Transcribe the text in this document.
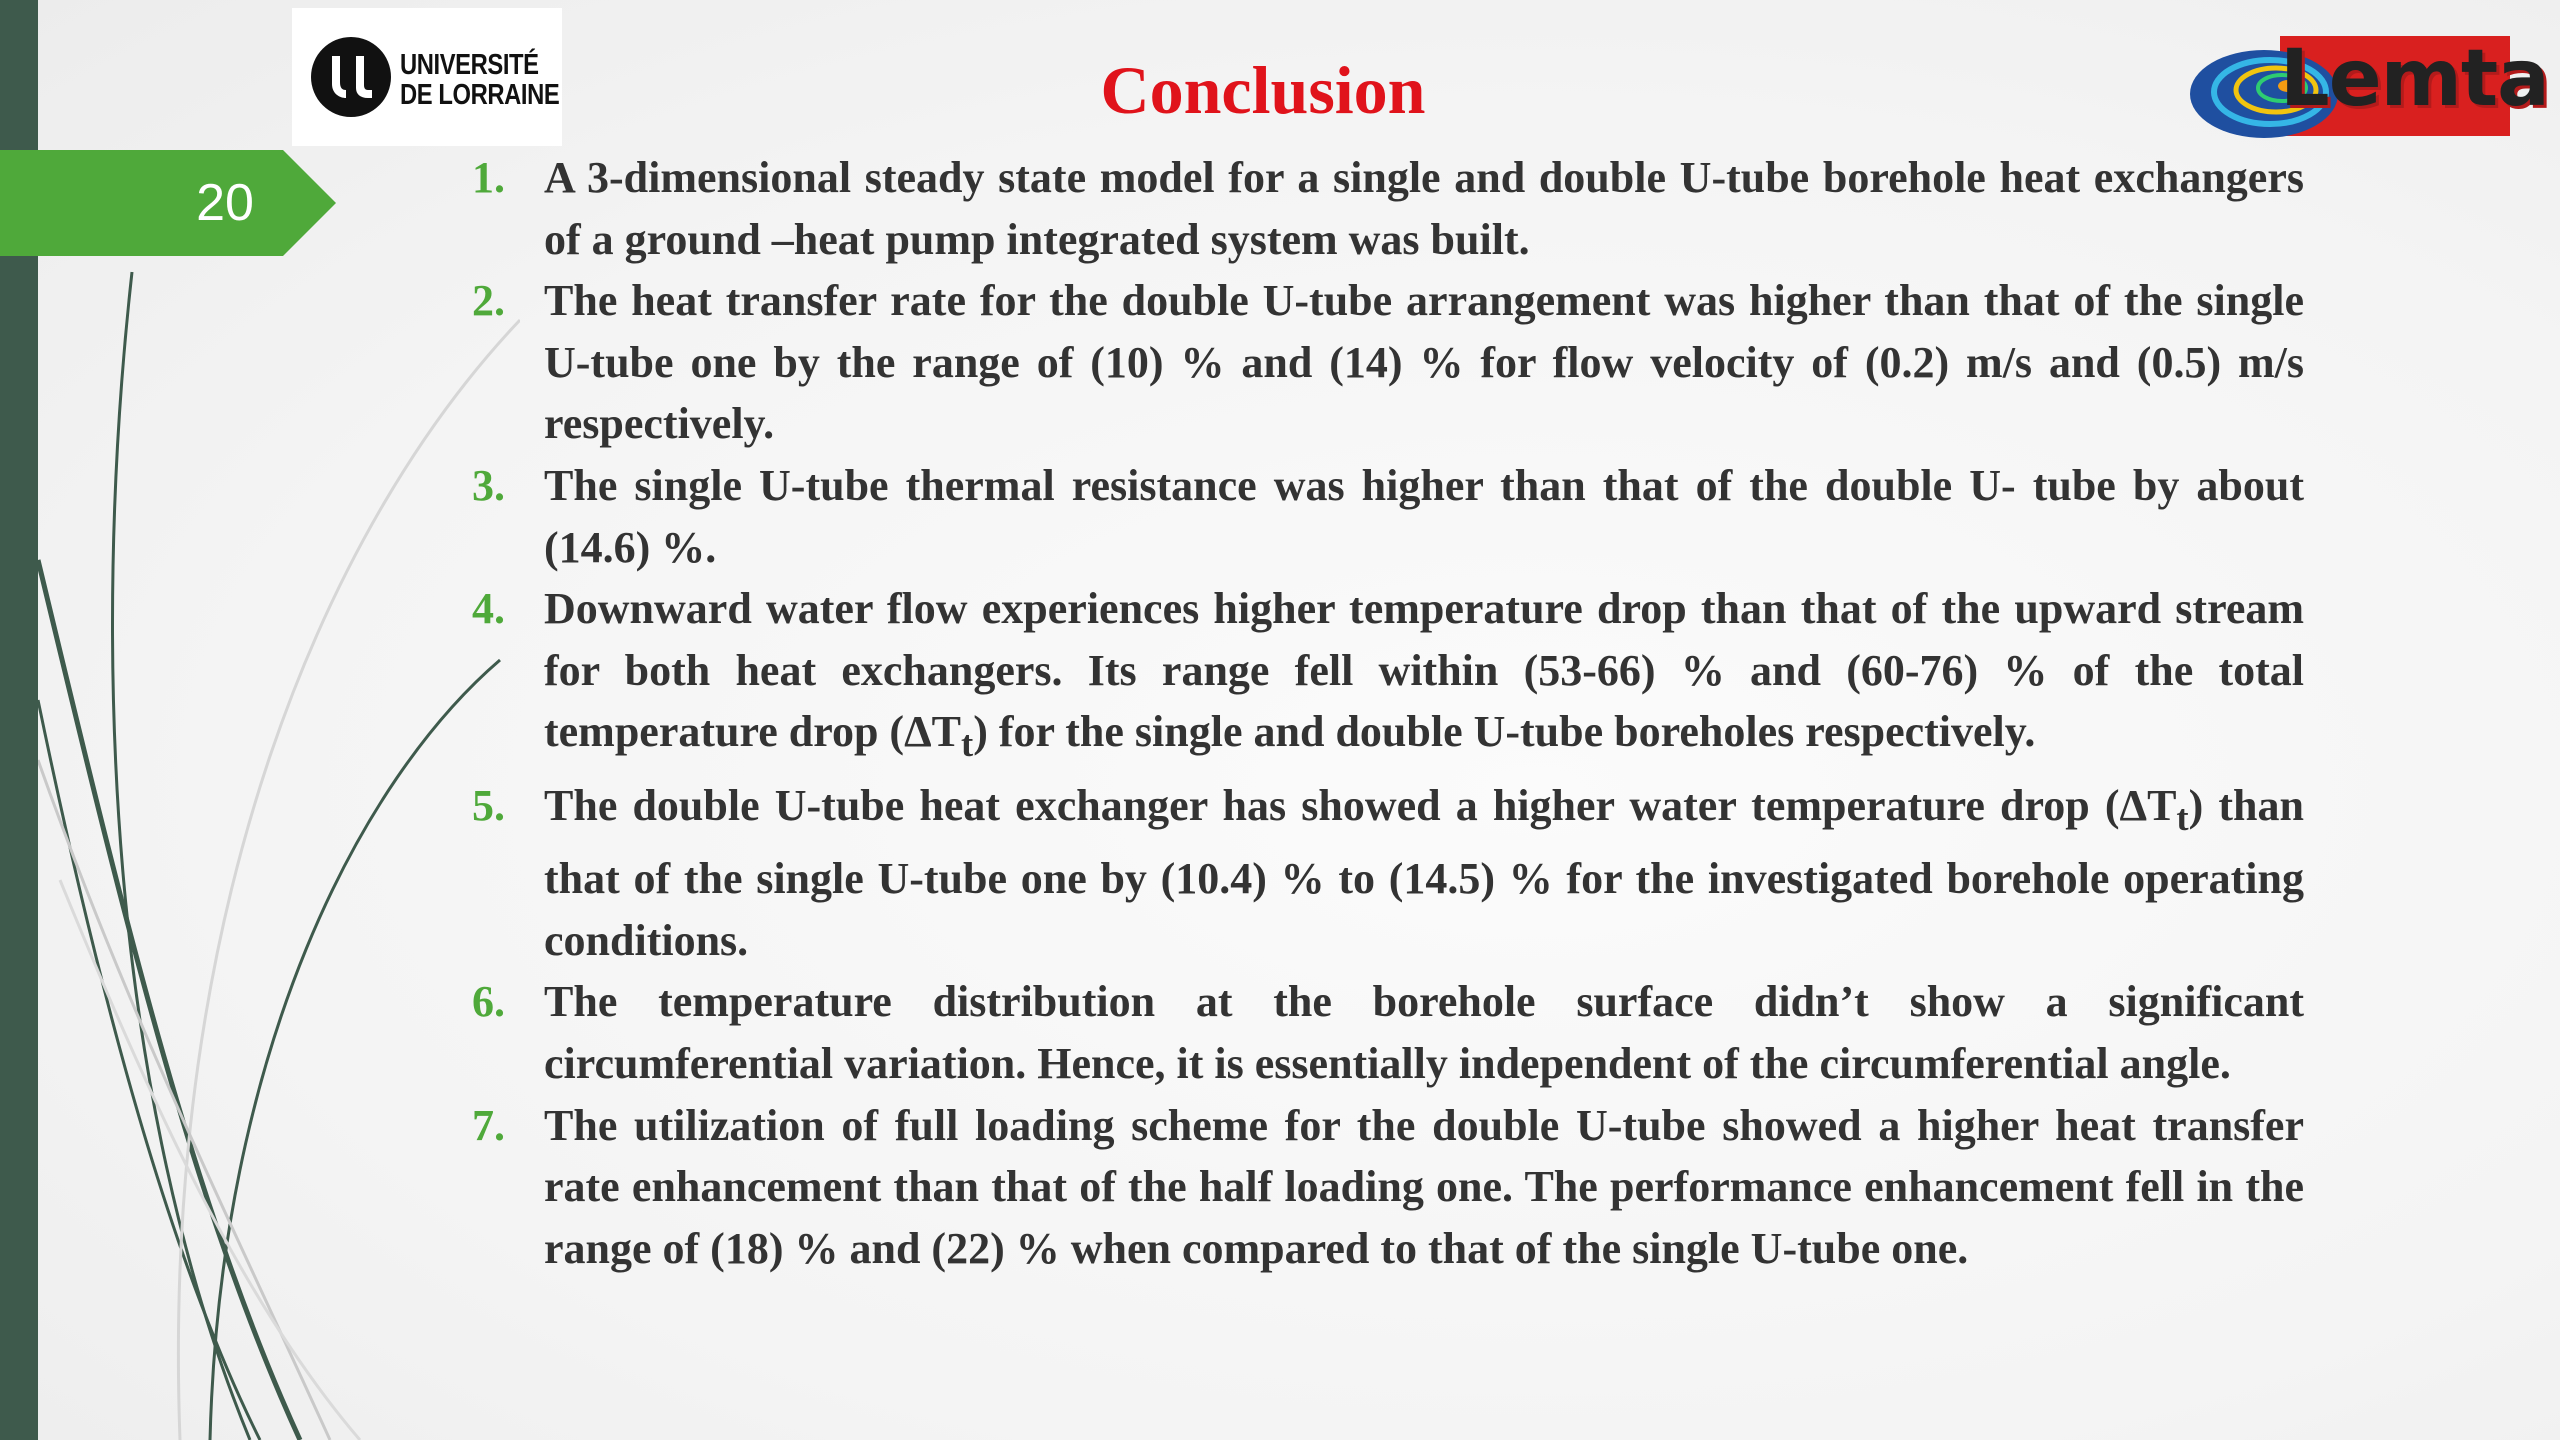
20
UNIVERSITÉ
DE LORRAINE	Conclusion	Lemta
1. A 3-dimensional steady state model for a single and double U-tube borehole heat exchangers of a ground –heat pump integrated system was built.
2. The heat transfer rate for the double U-tube arrangement was higher than that of the single U-tube one by the range of (10) % and (14) % for flow velocity of (0.2) m/s and (0.5) m/s respectively.
3. The single U-tube thermal resistance was higher than that of the double U- tube by about (14.6) %.
4. Downward water flow experiences higher temperature drop than that of the upward stream for both heat exchangers. Its range fell within (53-66) % and (60-76) % of the total temperature drop $(\Delta T_t)$ for the single and double U-tube boreholes respectively.
5. The double U-tube heat exchanger has showed a higher water temperature drop $(\Delta T_t)$ than that of the single U-tube one by (10.4) % to (14.5) % for the investigated borehole operating conditions.
6. The temperature distribution at the borehole surface didn’t show a significant circumferential variation. Hence, it is essentially independent of the circumferential angle.
7. The utilization of full loading scheme for the double U-tube showed a higher heat transfer rate enhancement than that of the half loading one. The performance enhancement fell in the range of (18) % and (22) % when compared to that of the single U-tube one.
